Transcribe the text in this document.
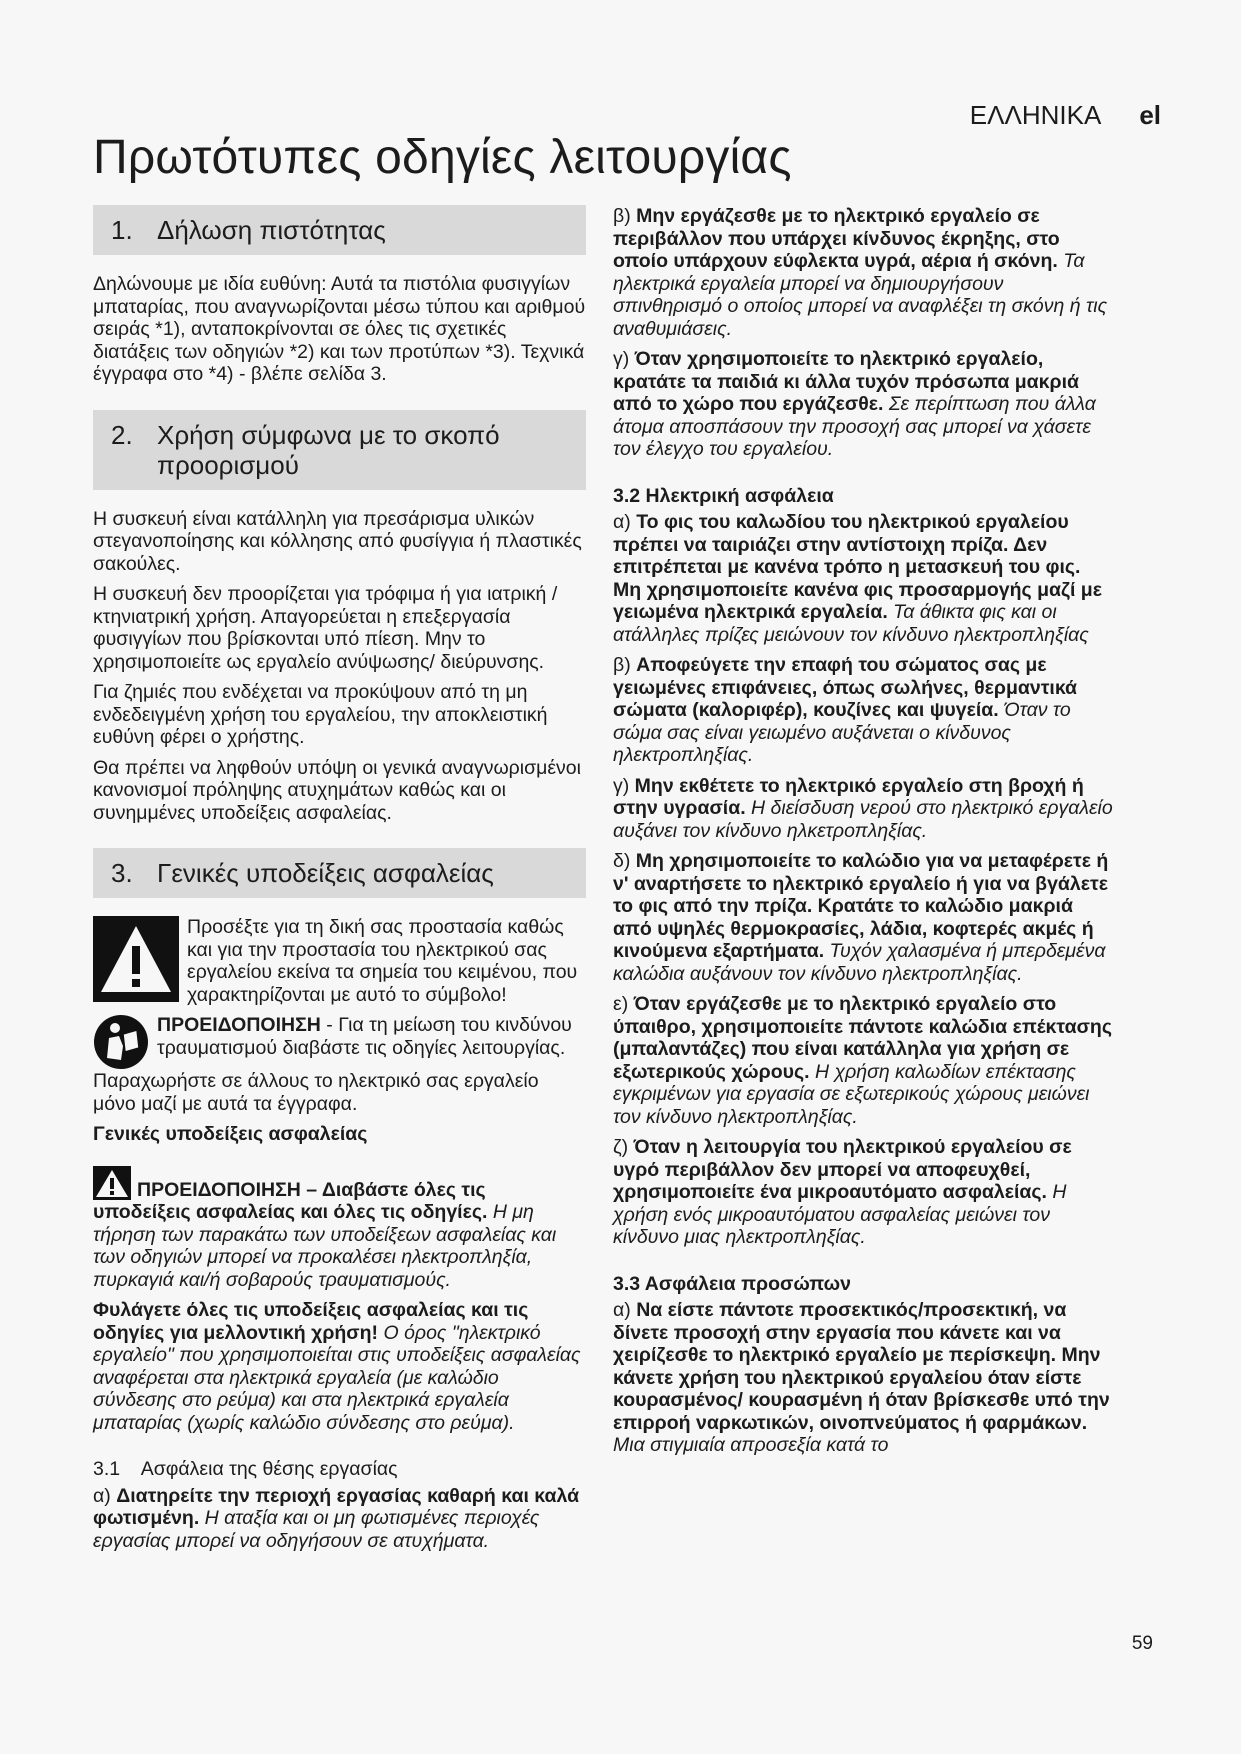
ΕΛΛΗΝΙΚΑ el
Πρωτότυπες οδηγίες λειτουργίας
1. Δήλωση πιστότητας

Δηλώνουμε με ιδία ευθύνη: Αυτά τα πιστόλια φυσιγγίων μπαταρίας, που αναγνωρίζονται μέσω τύπου και αριθμού σειράς *1), ανταποκρίνονται σε όλες τις σχετικές διατάξεις των οδηγιών *2) και των προτύπων *3). Τεχνικά έγγραφα στο *4) - βλέπε σελίδα 3.

2. Χρήση σύμφωνα με το σκοπό προορισμού

Η συσκευή είναι κατάλληλη για πρεσάρισμα υλικών στεγανοποίησης και κόλλησης από φυσίγγια ή πλαστικές σακούλες.

Η συσκευή δεν προορίζεται για τρόφιμα ή για ιατρική / κτηνιατρική χρήση. Απαγορεύεται η επεξεργασία φυσιγγίων που βρίσκονται υπό πίεση. Μην το χρησιμοποιείτε ως εργαλείο ανύψωσης/ διεύρυνσης.

Για ζημιές που ενδέχεται να προκύψουν από τη μη ενδεδειγμένη χρήση του εργαλείου, την αποκλειστική ευθύνη φέρει ο χρήστης.

Θα πρέπει να ληφθούν υπόψη οι γενικά αναγνωρισμένοι κανονισμοί πρόληψης ατυχημάτων καθώς και οι συνημμένες υποδείξεις ασφαλείας.

3. Γενικές υποδείξεις ασφαλείας

Προσέξτε για τη δική σας προστασία καθώς και για την προστασία του ηλεκτρικού σας εργαλείου εκείνα τα σημεία του κειμένου, που χαρακτηρίζονται με αυτό το σύμβολο!

ΠΡΟΕΙΔΟΠΟΙΗΣΗ - Για τη μείωση του κινδύνου τραυματισμού διαβάστε τις οδηγίες λειτουργίας.

Παραχωρήστε σε άλλους το ηλεκτρικό σας εργαλείο μόνο μαζί με αυτά τα έγγραφα.

Γενικές υποδείξεις ασφαλείας

ΠΡΟΕΙΔΟΠΟΙΗΣΗ – Διαβάστε όλες τις υποδείξεις ασφαλείας και όλες τις οδηγίες. Η μη τήρηση των παρακάτω των υποδείξεων ασφαλείας και των οδηγιών μπορεί να προκαλέσει ηλεκτροπληξία, πυρκαγιά και/ή σοβαρούς τραυματισμούς.

Φυλάγετε όλες τις υποδείξεις ασφαλείας και τις οδηγίες για μελλοντική χρήση! Ο όρος "ηλεκτρικό εργαλείο" που χρησιμοποιείται στις υποδείξεις ασφαλείας αναφέρεται στα ηλεκτρικά εργαλεία (με καλώδιο σύνδεσης στο ρεύμα) και στα ηλεκτρικά εργαλεία μπαταρίας (χωρίς καλώδιο σύνδεσης στο ρεύμα).

3.1    Ασφάλεια της θέσης εργασίας

α) Διατηρείτε την περιοχή εργασίας καθαρή και καλά φωτισμένη. Η αταξία και οι μη φωτισμένες περιοχές εργασίας μπορεί να οδηγήσουν σε ατυχήματα.

β) Μην εργάζεσθε με το ηλεκτρικό εργαλείο σε περιβάλλον που υπάρχει κίνδυνος έκρηξης, στο οποίο υπάρχουν εύφλεκτα υγρά, αέρια ή σκόνη. Τα ηλεκτρικά εργαλεία μπορεί να δημιουργήσουν σπινθηρισμό ο οποίος μπορεί να αναφλέξει τη σκόνη ή τις αναθυμιάσεις.

γ) Όταν χρησιμοποιείτε το ηλεκτρικό εργαλείο, κρατάτε τα παιδιά κι άλλα τυχόν πρόσωπα μακριά από το χώρο που εργάζεσθε. Σε περίπτωση που άλλα άτομα αποσπάσουν την προσοχή σας μπορεί να χάσετε τον έλεγχο του εργαλείου.

3.2 Ηλεκτρική ασφάλεια

α) Το φις του καλωδίου του ηλεκτρικού εργαλείου πρέπει να ταιριάζει στην αντίστοιχη πρίζα. Δεν επιτρέπεται με κανένα τρόπο η μετασκευή του φις. Μη χρησιμοποιείτε κανένα φις προσαρμογής μαζί με γειωμένα ηλεκτρικά εργαλεία. Τα άθικτα φις και οι ατάλληλες πρίζες μειώνουν τον κίνδυνο ηλεκτροπληξίας

β) Αποφεύγετε την επαφή του σώματος σας με γειωμένες επιφάνειες, όπως σωλήνες, θερμαντικά σώματα (καλοριφέρ), κουζίνες και ψυγεία. Όταν το σώμα σας είναι γειωμένο αυξάνεται ο κίνδυνος ηλεκτροπληξίας.

γ) Μην εκθέτετε το ηλεκτρικό εργαλείο στη βροχή ή στην υγρασία. Η διείσδυση νερού στο ηλεκτρικό εργαλείο αυξάνει τον κίνδυνο ηλκετροπληξίας.

δ) Μη χρησιμοποιείτε το καλώδιο για να μεταφέρετε ή ν' αναρτήσετε το ηλεκτρικό εργαλείο ή για να βγάλετε το φις από την πρίζα. Κρατάτε το καλώδιο μακριά από υψηλές θερμοκρασίες, λάδια, κοφτερές ακμές ή κινούμενα εξαρτήματα. Τυχόν χαλασμένα ή μπερδεμένα καλώδια αυξάνουν τον κίνδυνο ηλεκτροπληξίας.

ε) Όταν εργάζεσθε με το ηλεκτρικό εργαλείο στο ύπαιθρο, χρησιμοποιείτε πάντοτε καλώδια επέκτασης (μπαλαντάζες) που είναι κατάλληλα για χρήση σε εξωτερικούς χώρους. Η χρήση καλωδίων επέκτασης εγκριμένων για εργασία σε εξωτερικούς χώρους μειώνει τον κίνδυνο ηλεκτροπληξίας.

ζ) Όταν η λειτουργία του ηλεκτρικού εργαλείου σε υγρό περιβάλλον δεν μπορεί να αποφευχθεί, χρησιμοποιείτε ένα μικροαυτόματο ασφαλείας. Η χρήση ενός μικροαυτόματου ασφαλείας μειώνει τον κίνδυνο μιας ηλεκτροπληξίας.

3.3 Ασφάλεια προσώπων

α) Να είστε πάντοτε προσεκτικός/προσεκτική, να δίνετε προσοχή στην εργασία που κάνετε και να χειρίζεσθε το ηλεκτρικό εργαλείο με περίσκεψη. Μην κάνετε χρήση του ηλεκτρικού εργαλείου όταν είστε κουρασμένος/ κουρασμένη ή όταν βρίσκεσθε υπό την επιρροή ναρκωτικών, οινοπνεύματος ή φαρμάκων. Μια στιγμιαία απροσεξία κατά το

59
